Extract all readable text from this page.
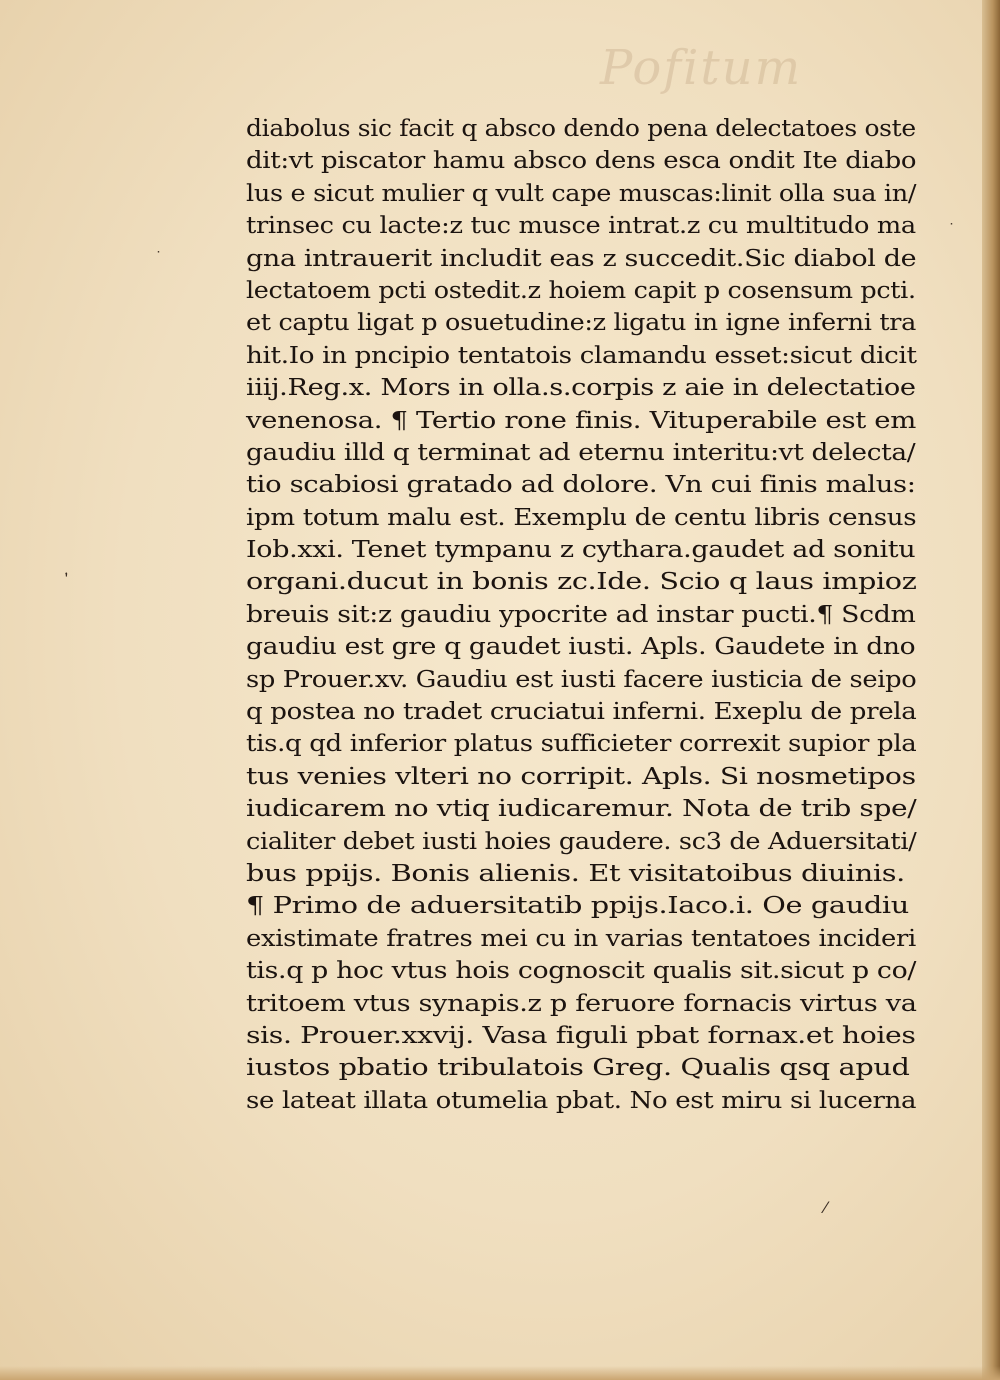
Pofitum
diabolus sic facit q absco dendo pena delectatoes oste
dit:vt piscator hamu absco dens esca ondit Ite diabo
lus e sicut mulier q vult cape muscas:linit olla sua in/
trinsec cu lacte:z tuc musce intrat.z cu multitudo ma
gna intrauerit includit eas z succedit.Sic diabol de
lectatoem pcti ostedit.z hoiem capit p cosensum pcti.
et captu ligat p osuetudine:z ligatu in igne inferni tra
hit.Io in pncipio tentatois clamandu esset:sicut dicit
iiij.Reg.x. Mors in olla.s.corpis z aie in delectatioe
venenosa. ¶ Tertio rone finis. Vituperabile est em
gaudiu illd q terminat ad eternu interitu:vt delecta/
tio scabiosi gratado ad dolore. Vn cui finis malus:
ipm totum malu est. Exemplu de centu libris census
Iob.xxi. Tenet tympanu z cythara.gaudet ad sonitu
organi.ducut in bonis zc.Ide. Scio q laus impioz
breuis sit:z gaudiu ypocrite ad instar pucti.¶ Scdm
gaudiu est gre q gaudet iusti. Apls. Gaudete in dno
sp Prouer.xv. Gaudiu est iusti facere iusticia de seipo
q postea no tradet cruciatui inferni. Exeplu de prela
tis.q qd inferior platus sufficieter correxit supior pla
tus venies vlteri no corripit. Apls. Si nosmetipos
iudicarem no vtiq iudicaremur. Nota de trib spe/
cialiter debet iusti hoies gaudere. sc3 de Aduersitati/
bus ppijs. Bonis alienis. Et visitatoibus diuinis.
¶ Primo de aduersitatib ppijs.Iaco.i. Oe gaudiu
existimate fratres mei cu in varias tentatoes incideri
tis.q p hoc vtus hois cognoscit qualis sit.sicut p co/
tritoem vtus synapis.z p feruore fornacis virtus va
sis. Prouer.xxvij. Vasa figuli pbat fornax.et hoies
iustos pbatio tribulatois Greg. Qualis qsq apud
se lateat illata otumelia pbat. No est miru si lucerna
˙
˙
‚
⁄
